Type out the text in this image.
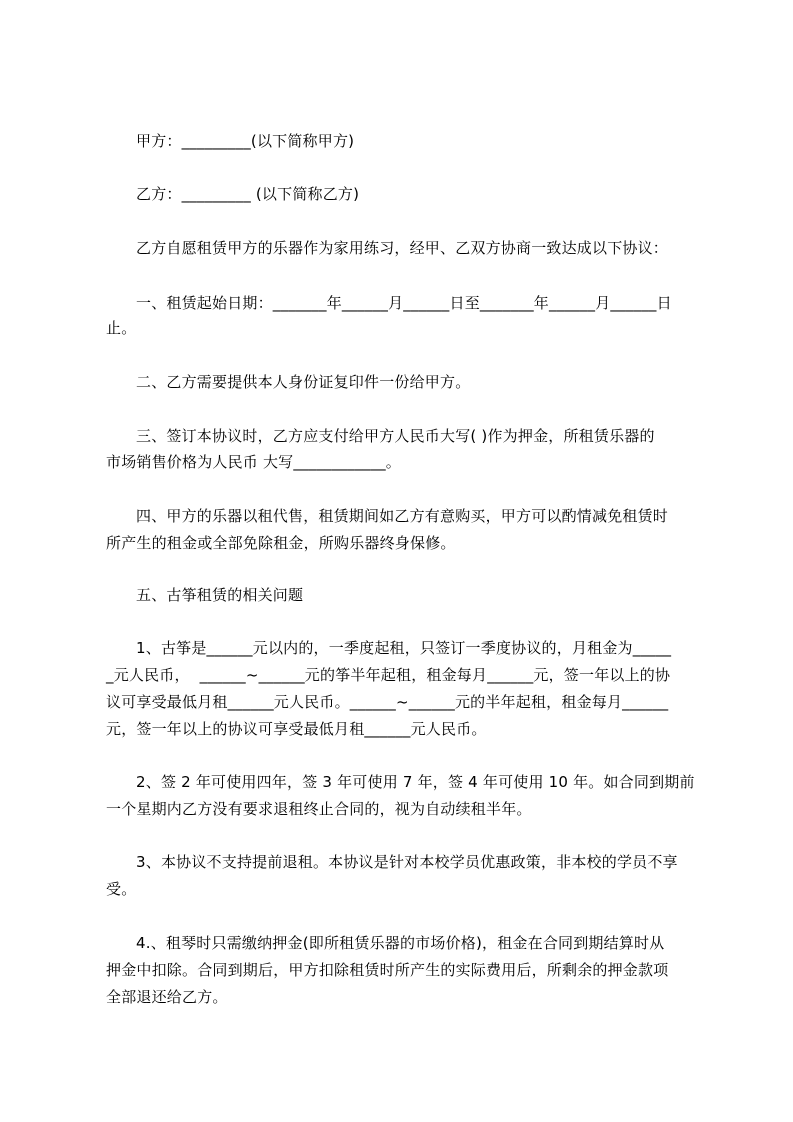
甲方：_________(以下简称甲方)
乙方：_________ (以下简称乙方)
乙方自愿租赁甲方的乐器作为家用练习，经甲、乙双方协商一致达成以下协议：
一、租赁起始日期：_______年______月______日至_______年______月______日
止。
二、乙方需要提供本人身份证复印件一份给甲方。
三、签订本协议时，乙方应支付给甲方人民币大写( )作为押金，所租赁乐器的
市场销售价格为人民币 大写____________。
四、甲方的乐器以租代售，租赁期间如乙方有意购买，甲方可以酌情减免租赁时
所产生的租金或全部免除租金，所购乐器终身保修。
五、古筝租赁的相关问题
1、古筝是______元以内的，一季度起租，只签订一季度协议的，月租金为_____
_元人民币，  ______~______元的筝半年起租，租金每月______元，签一年以上的协
议可享受最低月租______元人民币。______~______元的半年起租，租金每月______
元，签一年以上的协议可享受最低月租______元人民币。
2、签 2 年可使用四年，签 3 年可使用 7 年，签 4 年可使用 10 年。如合同到期前
一个星期内乙方没有要求退租终止合同的，视为自动续租半年。
3、本协议不支持提前退租。本协议是针对本校学员优惠政策，非本校的学员不享
受。
4.、租琴时只需缴纳押金(即所租赁乐器的市场价格)，租金在合同到期结算时从
押金中扣除。合同到期后，甲方扣除租赁时所产生的实际费用后，所剩余的押金款项
全部退还给乙方。
